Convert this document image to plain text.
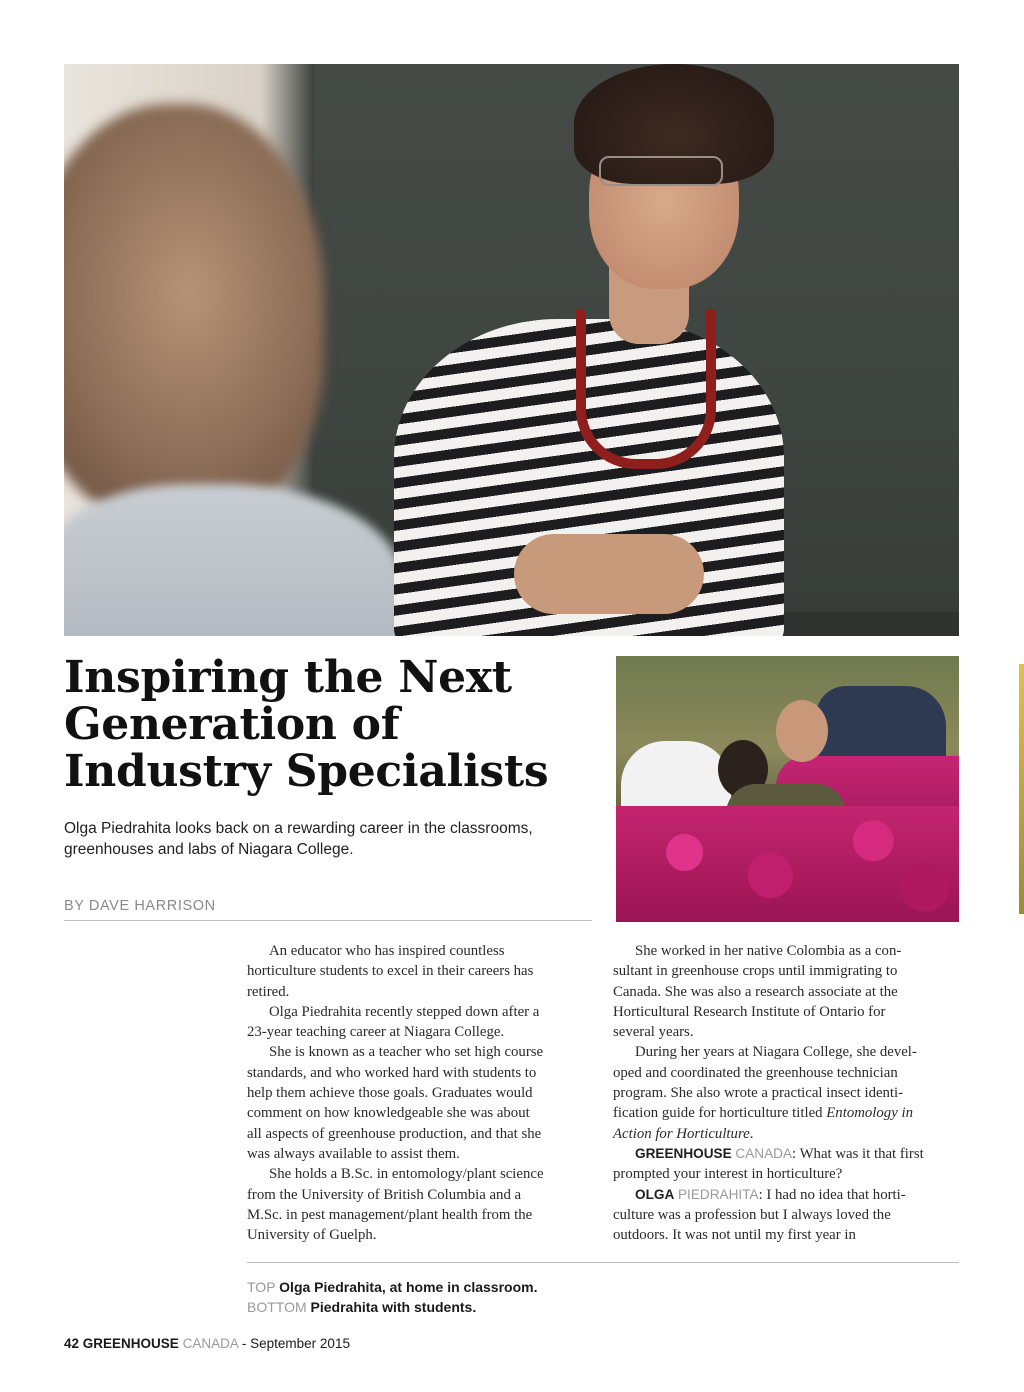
Inspiring the Next
Generation of
Industry Specialists

Olga Piedrahita looks back on a rewarding career in the classrooms,
greenhouses and labs of Niagara College.

BY DAVE HARRISON

An educator who has inspired countless
horticulture students to excel in their careers has
retired.

Olga Piedrahita recently stepped down after a
23-year teaching career at Niagara College.

She is known as a teacher who set high course
standards, and who worked hard with students to
help them achieve those goals. Graduates would
comment on how knowledgeable she was about
all aspects of greenhouse production, and that she
was always available to assist them.

She holds a B.Sc. in entomology/plant science
from the University of British Columbia and a
M.Sc. in pest management/plant health from the
University of Guelph.

She worked in her native Colombia as a con-
sultant in greenhouse crops until immigrating to
Canada. She was also a research associate at the
Horticultural Research Institute of Ontario for
several years.

During her years at Niagara College, she devel-
oped and coordinated the greenhouse technician
program. She also wrote a practical insect identi-
fication guide for horticulture titled Entomology in
Action for Horticulture.

GREENHOUSE CANADA: What was it that first
prompted your interest in horticulture?

OLGA PIEDRAHITA: I had no idea that horti-
culture was a profession but I always loved the
outdoors. It was not until my first year in

TOP Olga Piedrahita, at home in classroom.
BOTTOM Piedrahita with students.
42 GREENHOUSE CANADA - September 2015
